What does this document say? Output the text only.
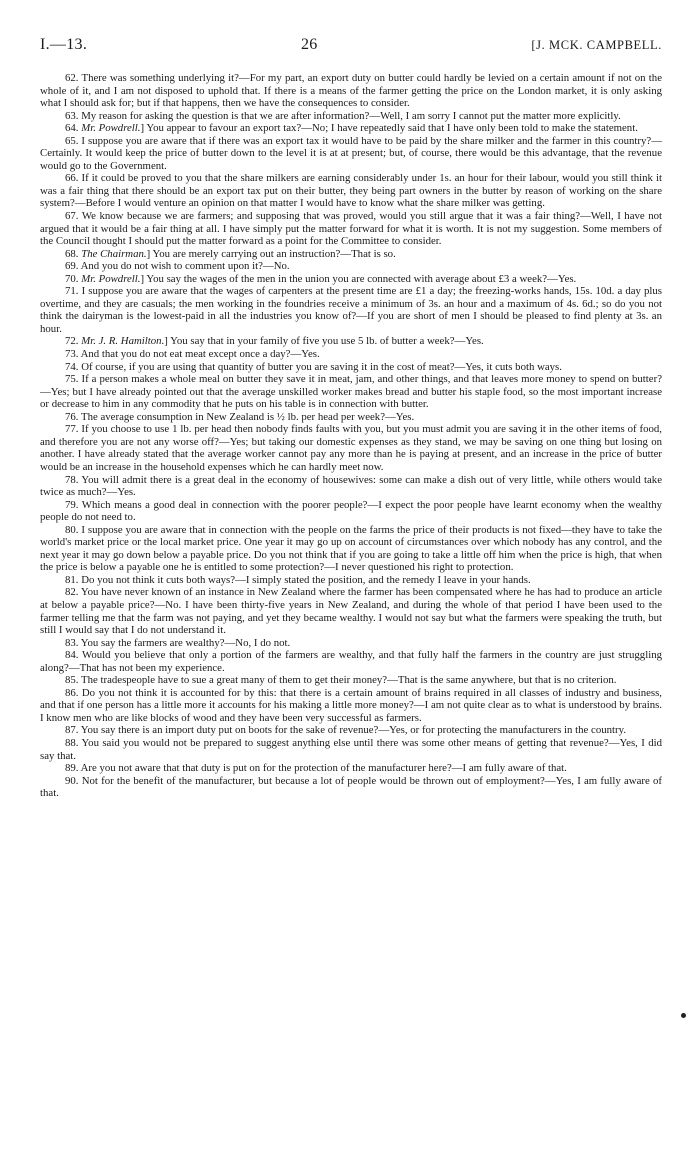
I.—13.	26	[J. MCK. CAMPBELL.

62. There was something underlying it?—For my part, an export duty on butter could hardly be levied on a certain amount if not on the whole of it, and I am not disposed to uphold that. If there is a means of the farmer getting the price on the London market, it is only asking what I should ask for; but if that happens, then we have the consequences to consider.

63. My reason for asking the question is that we are after information?—Well, I am sorry I cannot put the matter more explicitly.

64. Mr. Powdrell.] You appear to favour an export tax?—No; I have repeatedly said that I have only been told to make the statement.

65. I suppose you are aware that if there was an export tax it would have to be paid by the share milker and the farmer in this country?—Certainly. It would keep the price of butter down to the level it is at at present; but, of course, there would be this advantage, that the revenue would go to the Government.

66. If it could be proved to you that the share milkers are earning considerably under 1s. an hour for their labour, would you still think it was a fair thing that there should be an export tax put on their butter, they being part owners in the butter by reason of working on the share system?—Before I would venture an opinion on that matter I would have to know what the share milker was getting.

67. We know because we are farmers; and supposing that was proved, would you still argue that it was a fair thing?—Well, I have not argued that it would be a fair thing at all. I have simply put the matter forward for what it is worth. It is not my suggestion. Some members of the Council thought I should put the matter forward as a point for the Committee to consider.

68. The Chairman.] You are merely carrying out an instruction?—That is so.

69. And you do not wish to comment upon it?—No.

70. Mr. Powdrell.] You say the wages of the men in the union you are connected with average about £3 a week?—Yes.

71. I suppose you are aware that the wages of carpenters at the present time are £1 a day; the freezing-works hands, 15s. 10d. a day plus overtime, and they are casuals; the men working in the foundries receive a minimum of 3s. an hour and a maximum of 4s. 6d.; so do you not think the dairyman is the lowest-paid in all the industries you know of?—If you are short of men I should be pleased to find plenty at 3s. an hour.

72. Mr. J. R. Hamilton.] You say that in your family of five you use 5 lb. of butter a week?—Yes.

73. And that you do not eat meat except once a day?—Yes.

74. Of course, if you are using that quantity of butter you are saving it in the cost of meat?—Yes, it cuts both ways.

75. If a person makes a whole meal on butter they save it in meat, jam, and other things, and that leaves more money to spend on butter?—Yes; but I have already pointed out that the average unskilled worker makes bread and butter his staple food, so the most important increase or decrease to him in any commodity that he puts on his table is in connection with butter.

76. The average consumption in New Zealand is ½ lb. per head per week?—Yes.

77. If you choose to use 1 lb. per head then nobody finds faults with you, but you must admit you are saving it in the other items of food, and therefore you are not any worse off?—Yes; but taking our domestic expenses as they stand, we may be saving on one thing but losing on another. I have already stated that the average worker cannot pay any more than he is paying at present, and an increase in the price of butter would be an increase in the household expenses which he can hardly meet now.

78. You will admit there is a great deal in the economy of housewives: some can make a dish out of very little, while others would take twice as much?—Yes.

79. Which means a good deal in connection with the poorer people?—I expect the poor people have learnt economy when the wealthy people do not need to.

80. I suppose you are aware that in connection with the people on the farms the price of their products is not fixed—they have to take the world's market price or the local market price. One year it may go up on account of circumstances over which nobody has any control, and the next year it may go down below a payable price. Do you not think that if you are going to take a little off him when the price is high, that when the price is below a payable one he is entitled to some protection?—I never questioned his right to protection.

81. Do you not think it cuts both ways?—I simply stated the position, and the remedy I leave in your hands.

82. You have never known of an instance in New Zealand where the farmer has been compensated where he has had to produce an article at below a payable price?—No. I have been thirty-five years in New Zealand, and during the whole of that period I have been used to the farmer telling me that the farm was not paying, and yet they became wealthy. I would not say but what the farmers were speaking the truth, but still I would say that I do not understand it.

83. You say the farmers are wealthy?—No, I do not.

84. Would you believe that only a portion of the farmers are wealthy, and that fully half the farmers in the country are just struggling along?—That has not been my experience.

85. The tradespeople have to sue a great many of them to get their money?—That is the same anywhere, but that is no criterion.

86. Do you not think it is accounted for by this: that there is a certain amount of brains required in all classes of industry and business, and that if one person has a little more it accounts for his making a little more money?—I am not quite clear as to what is understood by brains. I know men who are like blocks of wood and they have been very successful as farmers.

87. You say there is an import duty put on boots for the sake of revenue?—Yes, or for protecting the manufacturers in the country.

88. You said you would not be prepared to suggest anything else until there was some other means of getting that revenue?—Yes, I did say that.

89. Are you not aware that that duty is put on for the protection of the manufacturer here?—I am fully aware of that.

90. Not for the benefit of the manufacturer, but because a lot of people would be thrown out of employment?—Yes, I am fully aware of that.
